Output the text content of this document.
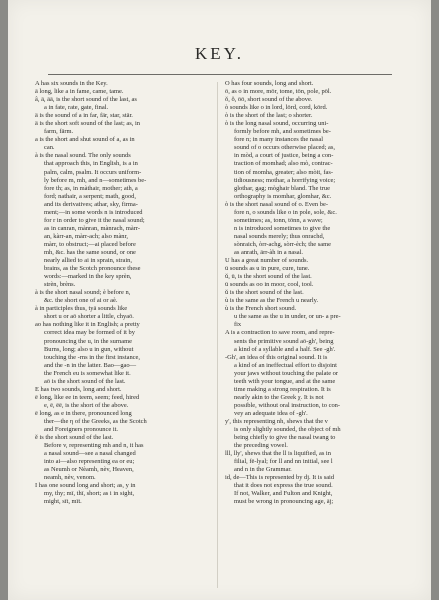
KEY.
A has six sounds in the Key.
ā long, like a in fame, came, tame.
â, ā, āā, is the short sound of the last, as
a in fate, rate, gate, final.
ä is the sound of a in far, fär, star, stär.
ä is the short soft sound of the last; as, in
farm, färm.
a is the short and shut sound of a, as in
can.
à is the nasal sound. The only sounds
that approach this, in English, is a in
palm, calm, psalm. It occurs uniform-
ly before m, mh, and n—sometimes be-
fore th; as, in màthair, mother; ath, a
ford; nathair, a serpent; math, good,
and its derivatives; athar, sky, firma-
ment;—in some words n is introduced
for r in order to give it the nasal sound;
as in canran, mànran, mànrach, màrr-
an, kàrr-an, màrr-ach; also mànr,
màrr, to obstruct;—ai placed before
mh, &c. has the same sound, or one
nearly allied to ai in sprain, strain,
brains, as the Scotch pronounce these
words:—marked in the key sprèn,
strèn, brèns.
à is the short nasal sound; è before n,
&c. the short one of ai or aè.
à in participles thus, tyā sounds like
short u or aō shorter a little, chyaō.
ao has nothing like it in English; a pretty
correct idea may be formed of it by
pronouncing the u, in the surname
Burns, long; also u in gun, without
touching the -rns in the first instance,
and the -n in the latter. Bao—gao—
the French eu is somewhat like it.
aō is the short sound of the last.
E has two sounds, long and short.
ē long, like ee in teem, seem; feed, hired
e, ē, ēē, is the short of the above.
ē long, as e in there, pronounced long
ther—the η of the Greeks, as the Scotch
and Foreigners pronounce it.
ĕ is the short sound of the last.
Before v, representing mh and n, it has
a nasal sound—see a nasal changed
into ai—also representing ea or eu;
as Neumh or Nèamh, nèv, Heaven,
neamh, nèv, venom.
I has one sound long and short; as, y in
my, thy; mī, thī, short; as i in sight,
might, sīt, mīt.
O has four sounds, long and short.
ō, as o in more, mōr, tome, tōn, pole, pōl.
ŏ, ŏ, ōō, short sound of the above.
ò sounds like o in lord, lōrd, cord, kōrd.
ò is the short of the last; o shorter.
ò is the long nasal sound, occurring uni-
formly before mh, and sometimes be-
fore n; in many instances the nasal
sound of o occurs otherwise placed; as,
in mòd, a court of justice, being a con-
traction of momhad; also mò, contrac-
tion of momha, greater; also mòit, fas-
tidiousness; mothar, a horrifying voice;
glothar, gag; mòghair bland. The true
orthography is momhar, glomhar, &c.
ò is the short nasal sound of o. Even be-
fore n, o sounds like o in pole, sole, &c.
sometimes; as, tonn, tōnn, a wave;
n is introduced sometimes to give the
nasal sounds merely; thus onrachd,
sònraich, òrr-achg, sòrr-èch; the same
as anrath, ārr-àh in a nasal.
U has a great number of sounds.
ū sounds as u in pure, cure, tune.
ŭ, ū, is the short sound of the last.
ū sounds as oo in moor, cool, tool.
ŭ is the short sound of the last.
ù is the same as the French u nearly.
ù is the French short sound.
u the same as the u in under, or un- a pre-
fix
A is a contraction to save room, and repre-
sents the primitive sound aō-gh', being
a kind of a syllable and a half. See -gh'.
-Gh', an idea of this original sound. It is
a kind of an ineffectual effort to disjoint
your jaws without touching the palate or
teeth with your tongue, and at the same
time making a strong respiration. It is
nearly akin to the Greek χ. It is not
possible, without oral instruction, to con-
vey an adequate idea of -gh'.
y', this representing nh, shews that the v
is only slightly sounded, the object of mh
being chiefly to give the nasal twang to
the preceding vowel.
lll, lly', shews that the ll is liquified, as in
filial, fē-lyal; for ll and nn initial, see l
and n in the Grammar.
id, de—This is represented by dj. It is said
that it does not express the true sound.
If not, Walker, and Fulton and Knight,
must be wrong in pronouncing age, āj;
